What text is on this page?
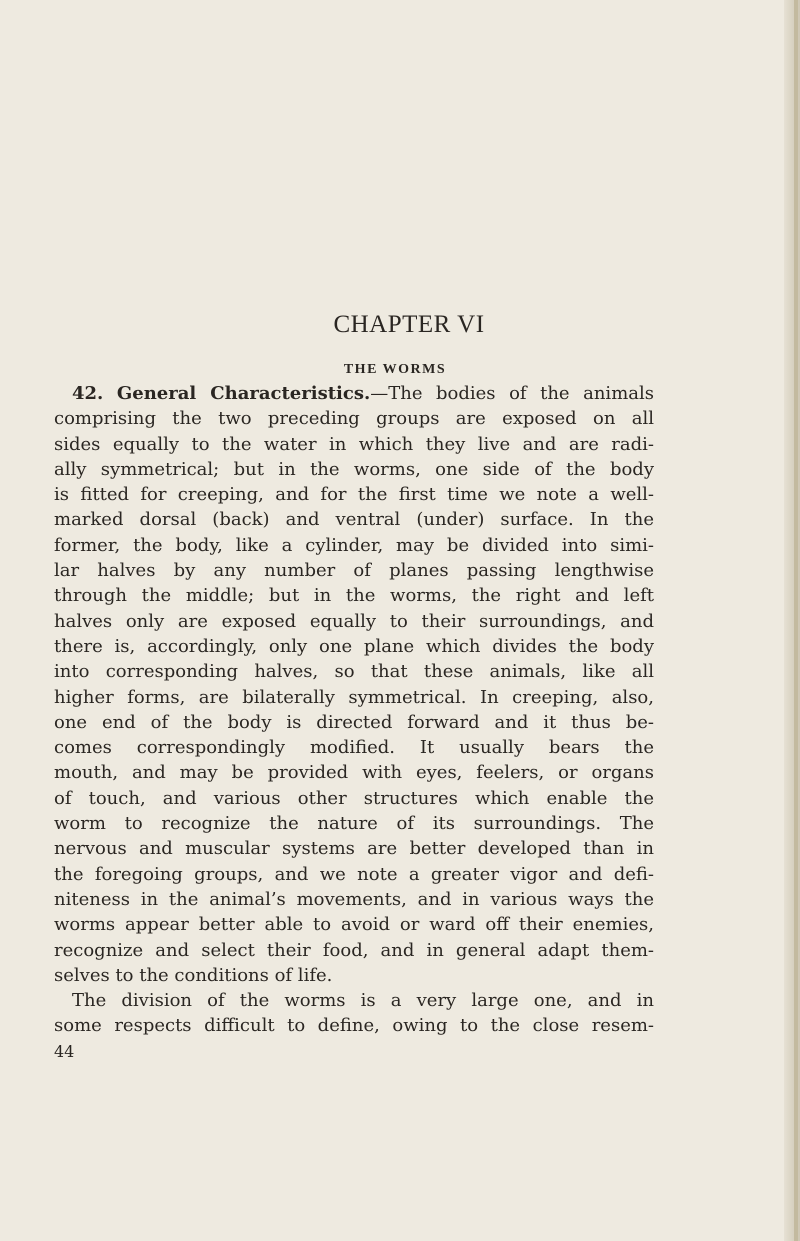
CHAPTER VI
THE WORMS
42. General Characteristics.—The bodies of the animals
comprising the two preceding groups are exposed on all
sides equally to the water in which they live and are radi-
ally symmetrical; but in the worms, one side of the body
is fitted for creeping, and for the first time we note a well-
marked dorsal (back) and ventral (under) surface. In the
former, the body, like a cylinder, may be divided into simi-
lar halves by any number of planes passing lengthwise
through the middle; but in the worms, the right and left
halves only are exposed equally to their surroundings, and
there is, accordingly, only one plane which divides the body
into corresponding halves, so that these animals, like all
higher forms, are bilaterally symmetrical. In creeping, also,
one end of the body is directed forward and it thus be-
comes correspondingly modified. It usually bears the
mouth, and may be provided with eyes, feelers, or organs
of touch, and various other structures which enable the
worm to recognize the nature of its surroundings. The
nervous and muscular systems are better developed than in
the foregoing groups, and we note a greater vigor and defi-
niteness in the animal’s movements, and in various ways the
worms appear better able to avoid or ward off their enemies,
recognize and select their food, and in general adapt them-
selves to the conditions of life.
The division of the worms is a very large one, and in
some respects difficult to define, owing to the close resem-
44
